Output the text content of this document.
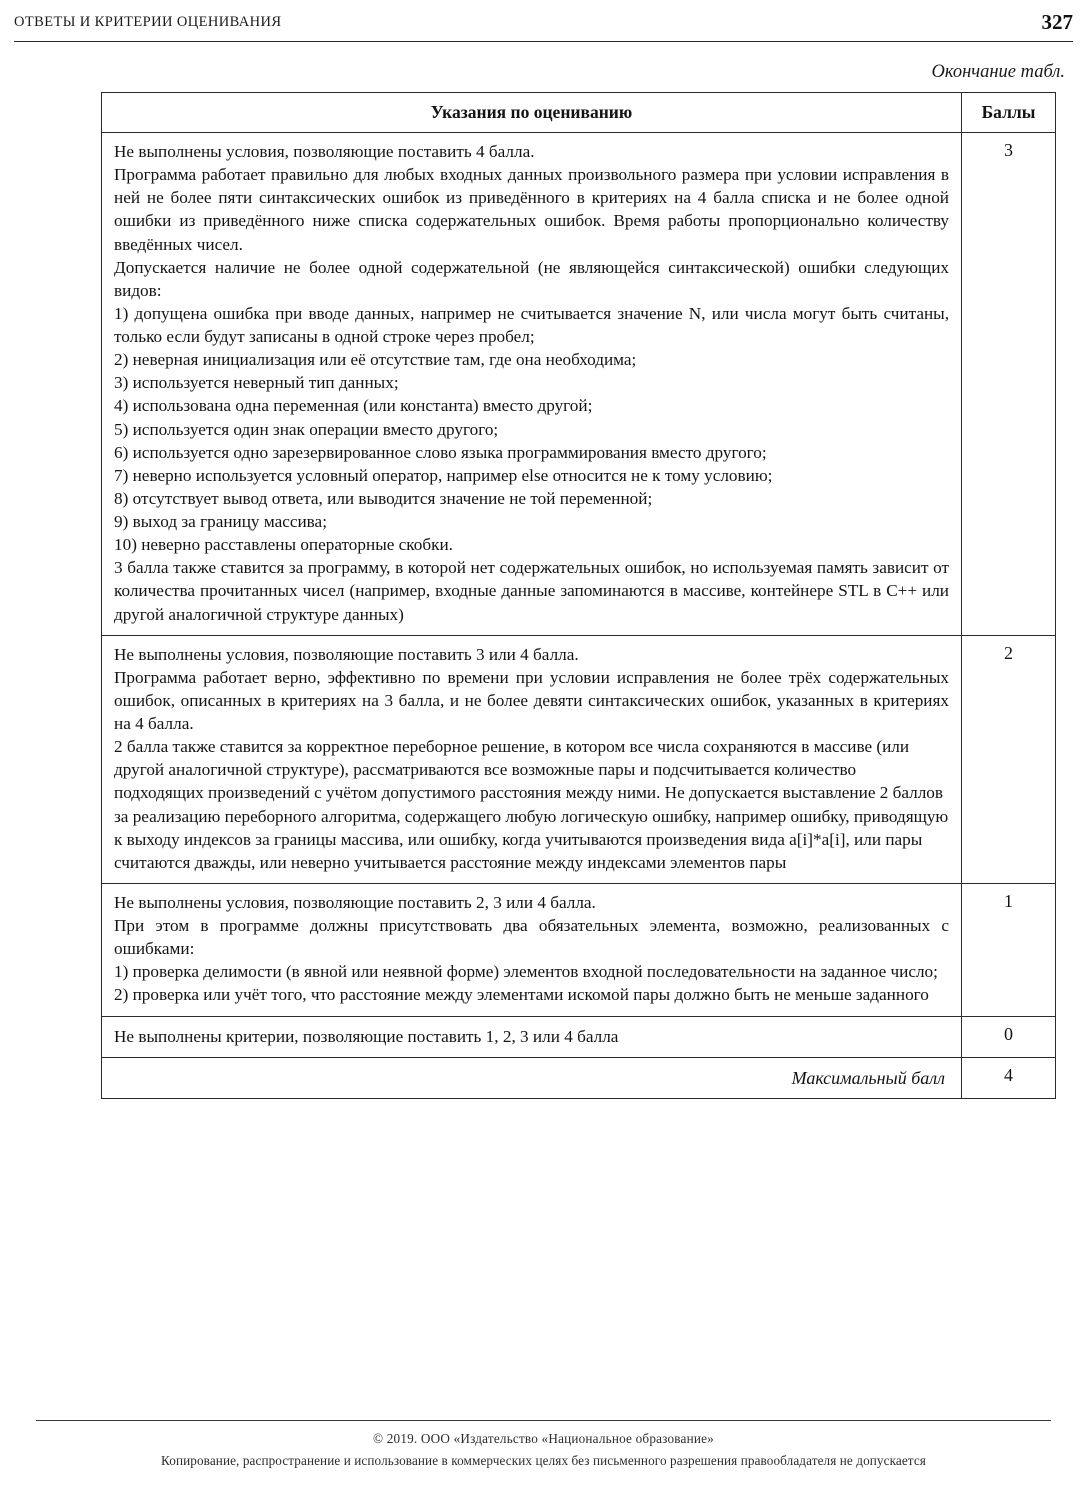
ОТВЕТЫ И КРИТЕРИИ ОЦЕНИВАНИЯ	327
Окончание табл.
Указания по оцениванию	Баллы

Не выполнены условия, позволяющие поставить 4 балла.

Программа работает правильно для любых входных данных произвольного размера при условии исправления в ней не более пяти синтаксических ошибок из приведённого в критериях на 4 балла списка и не более одной ошибки из приведённого ниже списка содержательных ошибок. Время работы пропорционально количеству введённых чисел.

Допускается наличие не более одной содержательной (не являющейся синтаксической) ошибки следующих видов:

1) допущена ошибка при вводе данных, например не считывается значение N, или числа могут быть считаны, только если будут записаны в одной строке через пробел;

2) неверная инициализация или её отсутствие там, где она необходима;

3) используется неверный тип данных;

4) использована одна переменная (или константа) вместо другой;

5) используется один знак операции вместо другого;

6) используется одно зарезервированное слово языка программирования вместо другого;

7) неверно используется условный оператор, например else относится не к тому условию;

8) отсутствует вывод ответа, или выводится значение не той переменной;

9) выход за границу массива;

10) неверно расставлены операторные скобки.

3 балла также ставится за программу, в которой нет содержательных ошибок, но используемая память зависит от количества прочитанных чисел (например, входные данные запоминаются в массиве, контейнере STL в C++ или другой аналогичной структуре данных)

	3

Не выполнены условия, позволяющие поставить 3 или 4 балла.

Программа работает верно, эффективно по времени при условии исправления не более трёх содержательных ошибок, описанных в критериях на 3 балла, и не более девяти синтаксических ошибок, указанных в критериях на 4 балла.

2 балла также ставится за корректное переборное решение, в котором все числа сохраняются в массиве (или другой аналогичной структуре), рассматриваются все возможные пары и подсчитывается количество подходящих произведений с учётом допустимого расстояния между ними. Не допускается выставление 2 баллов за реализацию переборного алгоритма, содержащего любую логическую ошибку, например ошибку, приводящую к выходу индексов за границы массива, или ошибку, когда учитываются произведения вида a[i]*a[i], или пары считаются дважды, или неверно учитывается расстояние между индексами элементов пары	2

Не выполнены условия, позволяющие поставить 2, 3 или 4 балла.

При этом в программе должны присутствовать два обязательных элемента, возможно, реализованных с ошибками:

1) проверка делимости (в явной или неявной форме) элементов входной последовательности на заданное число;

2) проверка или учёт того, что расстояние между элементами искомой пары должно быть не меньше заданного	1

Не выполнены критерии, позволяющие поставить 1, 2, 3 или 4 балла	0
Максимальный балл	4
© 2019. ООО «Издательство «Национальное образование»
Копирование, распространение и использование в коммерческих целях без письменного разрешения правообладателя не допускается
